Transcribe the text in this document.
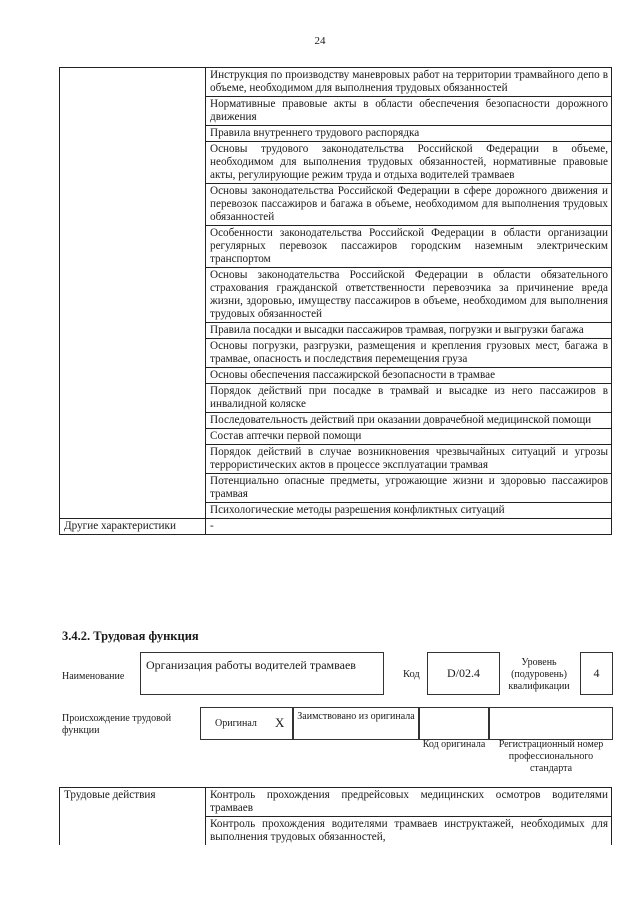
24
	Инструкция по производству маневровых работ на территории трамвайного депо в объеме, необходимом для выполнения трудовых обязанностей
	Нормативные правовые акты в области обеспечения безопасности дорожного движения
	Правила внутреннего трудового распорядка
	Основы трудового законодательства Российской Федерации в объеме, необходимом для выполнения трудовых обязанностей, нормативные правовые акты, регулирующие режим труда и отдыха водителей трамваев
	Основы законодательства Российской Федерации в сфере дорожного движения и перевозок пассажиров и багажа в объеме, необходимом для выполнения трудовых обязанностей
	Особенности законодательства Российской Федерации в области организации регулярных перевозок пассажиров городским наземным электрическим транспортом
	Основы законодательства Российской Федерации в области обязательного страхования гражданской ответственности перевозчика за причинение вреда жизни, здоровью, имуществу пассажиров в объеме, необходимом для выполнения трудовых обязанностей
	Правила посадки и высадки пассажиров трамвая, погрузки и выгрузки багажа
	Основы погрузки, разгрузки, размещения и крепления грузовых мест, багажа в трамвае, опасность и последствия перемещения груза
	Основы обеспечения пассажирской безопасности в трамвае
	Порядок действий при посадке в трамвай и высадке из него пассажиров в инвалидной коляске
	Последовательность действий при оказании доврачебной медицинской помощи
	Состав аптечки первой помощи
	Порядок действий в случае возникновения чрезвычайных ситуаций и угрозы террористических актов в процессе эксплуатации трамвая
	Потенциально опасные предметы, угрожающие жизни и здоровью пассажиров трамвая
	Психологические методы разрешения конфликтных ситуаций
Другие характеристики	-
3.4.2. Трудовая функция
Наименование
Организация работы водителей трамваев
Код	D/02.4
Уровень (подуровень) квалификации
4
Происхождение трудовой функции
Оригинал X	Заимствовано из оригинала
Код оригинала	Регистрационный номер профессионального стандарта
Трудовые действия	Контроль прохождения предрейсовых медицинских осмотров водителями трамваев
Контроль прохождения водителями трамваев инструктажей, необходимых для выполнения трудовых обязанностей,
